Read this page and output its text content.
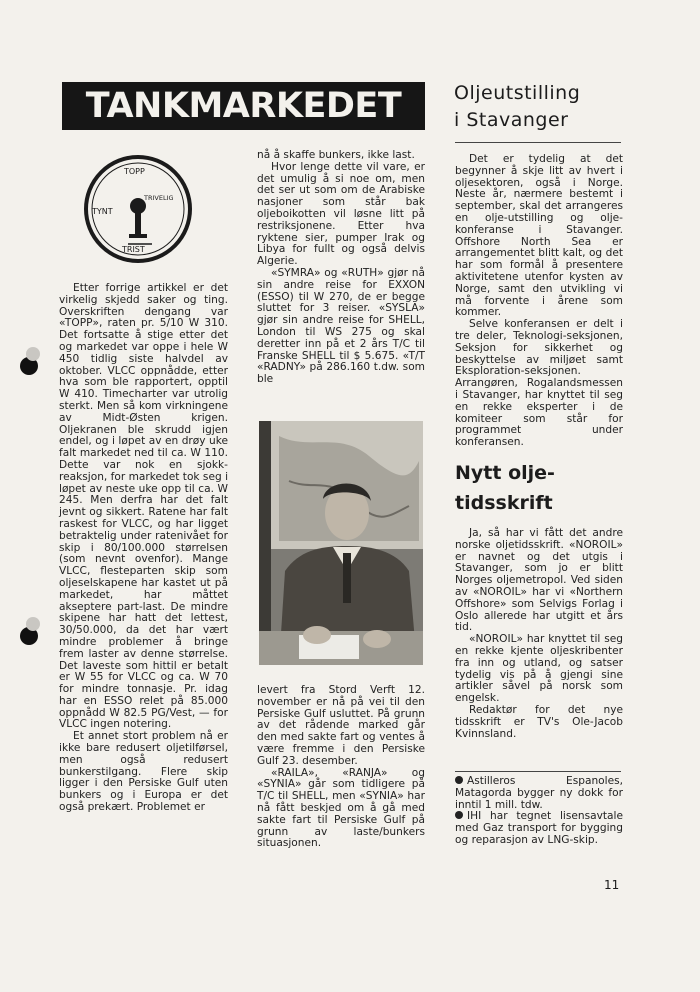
TANKMARKEDET
TOPP
TRIVELIG
TYNT
TRIST

Etter forrige artikkel er det virkelig skjedd saker og ting. Overskriften dengang var «TOPP», raten pr. 5/10 W 310. Det fortsatte å stige etter det og markedet var oppe i hele W 450 tidlig siste halvdel av oktober. VLCC oppnådde, etter hva som ble rapportert, opptil W 410. Timecharter var utrolig sterkt. Men så kom virkningene av Midt-Østen krigen. Oljekranen ble skrudd igjen endel, og i løpet av en drøy uke falt markedet ned til ca. W 110. Dette var nok en sjokk-reaksjon, for markedet tok seg i løpet av neste uke opp til ca. W 245. Men derfra har det falt jevnt og sikkert. Ratene har falt raskest for VLCC, og har ligget betraktelig under ratenivået for skip i 80/100.000 størrelsen (som nevnt ovenfor). Mange VLCC, flesteparten skip som oljeselskapene har kastet ut på markedet, har måttet akseptere part-last. De mindre skipene har hatt det lettest, 30/50.000, da det har vært mindre problemer å bringe frem laster av denne størrelse. Det laveste som hittil er betalt er W 55 for VLCC og ca. W 70 for mindre tonnasje. Pr. idag har en ESSO relet på 85.000 oppnådd W 82.5 PG/Vest, — for VLCC ingen notering.

Et annet stort problem nå er ikke bare redusert oljetilførsel, men også redusert bunkerstilgang. Flere skip ligger i den Persiske Gulf uten bunkers og i Europa er det også prekært. Problemet er

nå å skaffe bunkers, ikke last.

Hvor lenge dette vil vare, er det umulig å si noe om, men det ser ut som om de Arabiske nasjoner som står bak oljeboikotten vil løsne litt på restriksjonene. Etter hva ryktene sier, pumper Irak og Libya for fullt og også delvis Algerie.

«SYMRA» og «RUTH» gjør nå sin andre reise for EXXON (ESSO) til W 270, de er begge sluttet for 3 reiser. «SYSLA» gjør sin andre reise for SHELL, London til WS 275 og skal deretter inn på et 2 års T/C til Franske SHELL til $ 5.675. «T/T «RADNY» på 286.160 t.dw. som ble

levert fra Stord Verft 12. november er nå på vei til den Persiske Gulf usluttet. På grunn av det rådende marked går den med sakte fart og ventes å være fremme i den Persiske Gulf 23. desember.

«RAILA», «RANJA» og «SYNIA» går som tidligere på T/C til SHELL, men «SYNIA» har nå fått beskjed om å gå med sakte fart til Persiske Gulf på grunn av laste/bunkers situasjonen.

Oljeutstilling
i Stavanger

Det er tydelig at det begynner å skje litt av hvert i oljesektoren, også i Norge. Neste år, nærmere bestemt i september, skal det arrangeres en olje-utstilling og olje-konferanse i Stavanger. Offshore North Sea er arrangementet blitt kalt, og det har som formål å presentere aktivitetene utenfor kysten av Norge, samt den utvikling vi må forvente i årene som kommer.

Selve konferansen er delt i tre deler, Teknologi-seksjonen, Seksjon for sikkerhet og beskyttelse av miljøet samt Eksploration-seksjonen. Arrangøren, Rogalandsmessen i Stavanger, har knyttet til seg en rekke eksperter i de komiteer som står for programmet under konferansen.

Nytt olje-
tidsskrift

Ja, så har vi fått det andre norske oljetidsskrift. «NOROIL» er navnet og det utgis i Stavanger, som jo er blitt Norges oljemetropol. Ved siden av «NOROIL» har vi «Northern Offshore» som Selvigs Forlag i Oslo allerede har utgitt et års tid.

«NOROIL» har knyttet til seg en rekke kjente oljeskribenter fra inn og utland, og satser tydelig vis på å gjengi sine artikler såvel på norsk som engelsk.

Redaktør for det nye tidsskrift er TV's Ole-Jacob Kvinnsland.

Astilleros Espanoles, Matagorda bygger ny dokk for inntil 1 mill. tdw.

IHI har tegnet lisensavtale med Gaz transport for bygging og reparasjon av LNG-skip.

11
